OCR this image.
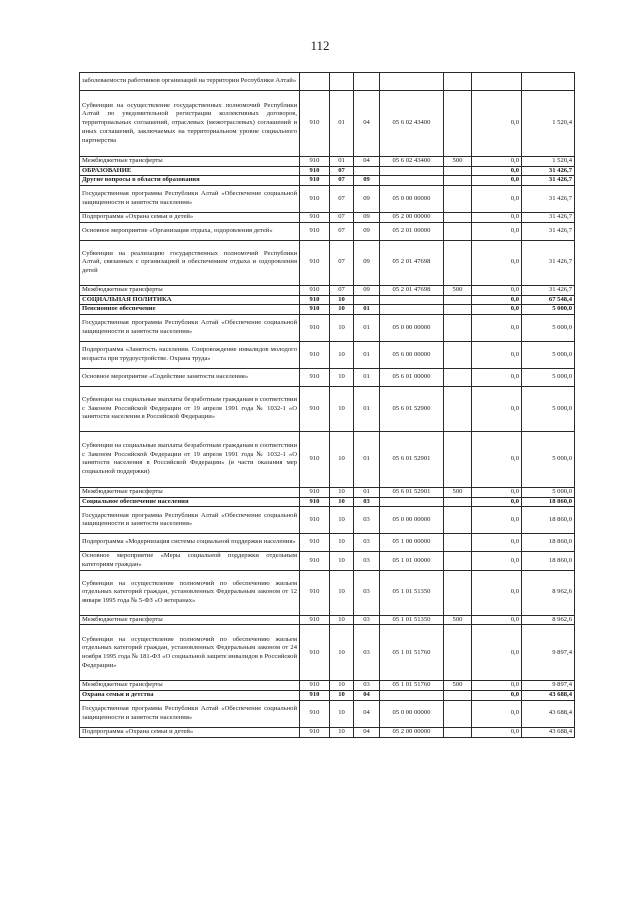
112
заболеваемости работников организаций на территории Республики Алтай»							
Субвенции на осуществление государственных полномочий Республики Алтай по уведомительной регистрации коллективных договоров, территориальных соглашений, отраслевых (межотраслевых) соглашений и иных соглашений, заключаемых на территориальном уровне социального партнерства	910	01	04	05 6 02 43400		0,0	1 520,4
Межбюджетные трансферты	910	01	04	05 6 02 43400	500	0,0	1 520,4
ОБРАЗОВАНИЕ	910	07				0,0	31 426,7
Другие вопросы в области образования	910	07	09			0,0	31 426,7
Государственная программа Республики Алтай «Обеспечение социальной защищенности и занятости населения»	910	07	09	05 0 00 00000		0,0	31 426,7
Подпрограмма «Охрана семьи и детей»	910	07	09	05 2 00 00000		0,0	31 426,7
Основное мероприятие «Организация отдыха, оздоровления детей»	910	07	09	05 2 01 00000		0,0	31 426,7
Субвенции на реализацию государственных полномочий Республики Алтай, связанных с организацией и обеспечением отдыха и оздоровления детей	910	07	09	05 2 01 47698		0,0	31 426,7
Межбюджетные трансферты	910	07	09	05 2 01 47698	500	0,0	31 426,7
СОЦИАЛЬНАЯ ПОЛИТИКА	910	10				0,0	67 548,4
Пенсионное обеспечение	910	10	01			0,0	5 000,0
Государственная программа Республики Алтай «Обеспечение социальной защищенности и занятости населения»	910	10	01	05 0 00 00000		0,0	5 000,0
Подпрограмма «Занятость населения. Сопровождение инвалидов молодого возраста при трудоустройстве. Охрана труда»	910	10	01	05 6 00 00000		0,0	5 000,0
Основное мероприятие «Содействие занятости населения»	910	10	01	05 6 01 00000		0,0	5 000,0
Субвенции на социальные выплаты безработным гражданам в соответствии с Законом Российской Федерации от 19 апреля 1991 года № 1032-1 «О занятости населения в Российской Федерации»	910	10	01	05 6 01 52900		0,0	5 000,0
Субвенции на социальные выплаты безработным гражданам в соответствии с Законом Российской Федерации от 19 апреля 1991 года № 1032-1 «О занятости населения в Российской Федерации» (в части оказания мер социальной поддержки)	910	10	01	05 6 01 52901		0,0	5 000,0
Межбюджетные трансферты	910	10	01	05 6 01 52901	500	0,0	5 000,0
Социальное обеспечение населения	910	10	03			0,0	18 860,0
Государственная программа Республики Алтай «Обеспечение социальной защищенности и занятости населения»	910	10	03	05 0 00 00000		0,0	18 860,0
Подпрограмма «Модернизация системы социальной поддержки населения»	910	10	03	05 1 00 00000		0,0	18 860,0
Основное мероприятие «Меры социальной поддержки отдельным категориям граждан»	910	10	03	05 1 01 00000		0,0	18 860,0
Субвенции на осуществление полномочий по обеспечению жильем отдельных категорий граждан, установленных Федеральным законом от 12 января 1995 года № 5-ФЗ «О ветеранах»	910	10	03	05 1 01 51350		0,0	8 962,6
Межбюджетные трансферты	910	10	03	05 1 01 51350	500	0,0	8 962,6
Субвенции на осуществление полномочий по обеспечению жильем отдельных категорий граждан, установленных Федеральным законом от 24 ноября 1995 года № 181-ФЗ «О социальной защите инвалидов в Российской Федерации»	910	10	03	05 1 01 51760		0,0	9 897,4
Межбюджетные трансферты	910	10	03	05 1 01 51760	500	0,0	9 897,4
Охрана семьи и детства	910	10	04			0,0	43 688,4
Государственная программа Республики Алтай «Обеспечение социальной защищенности и занятости населения»	910	10	04	05 0 00 00000		0,0	43 688,4
Подпрограмма «Охрана семьи и детей»	910	10	04	05 2 00 00000		0,0	43 688,4
